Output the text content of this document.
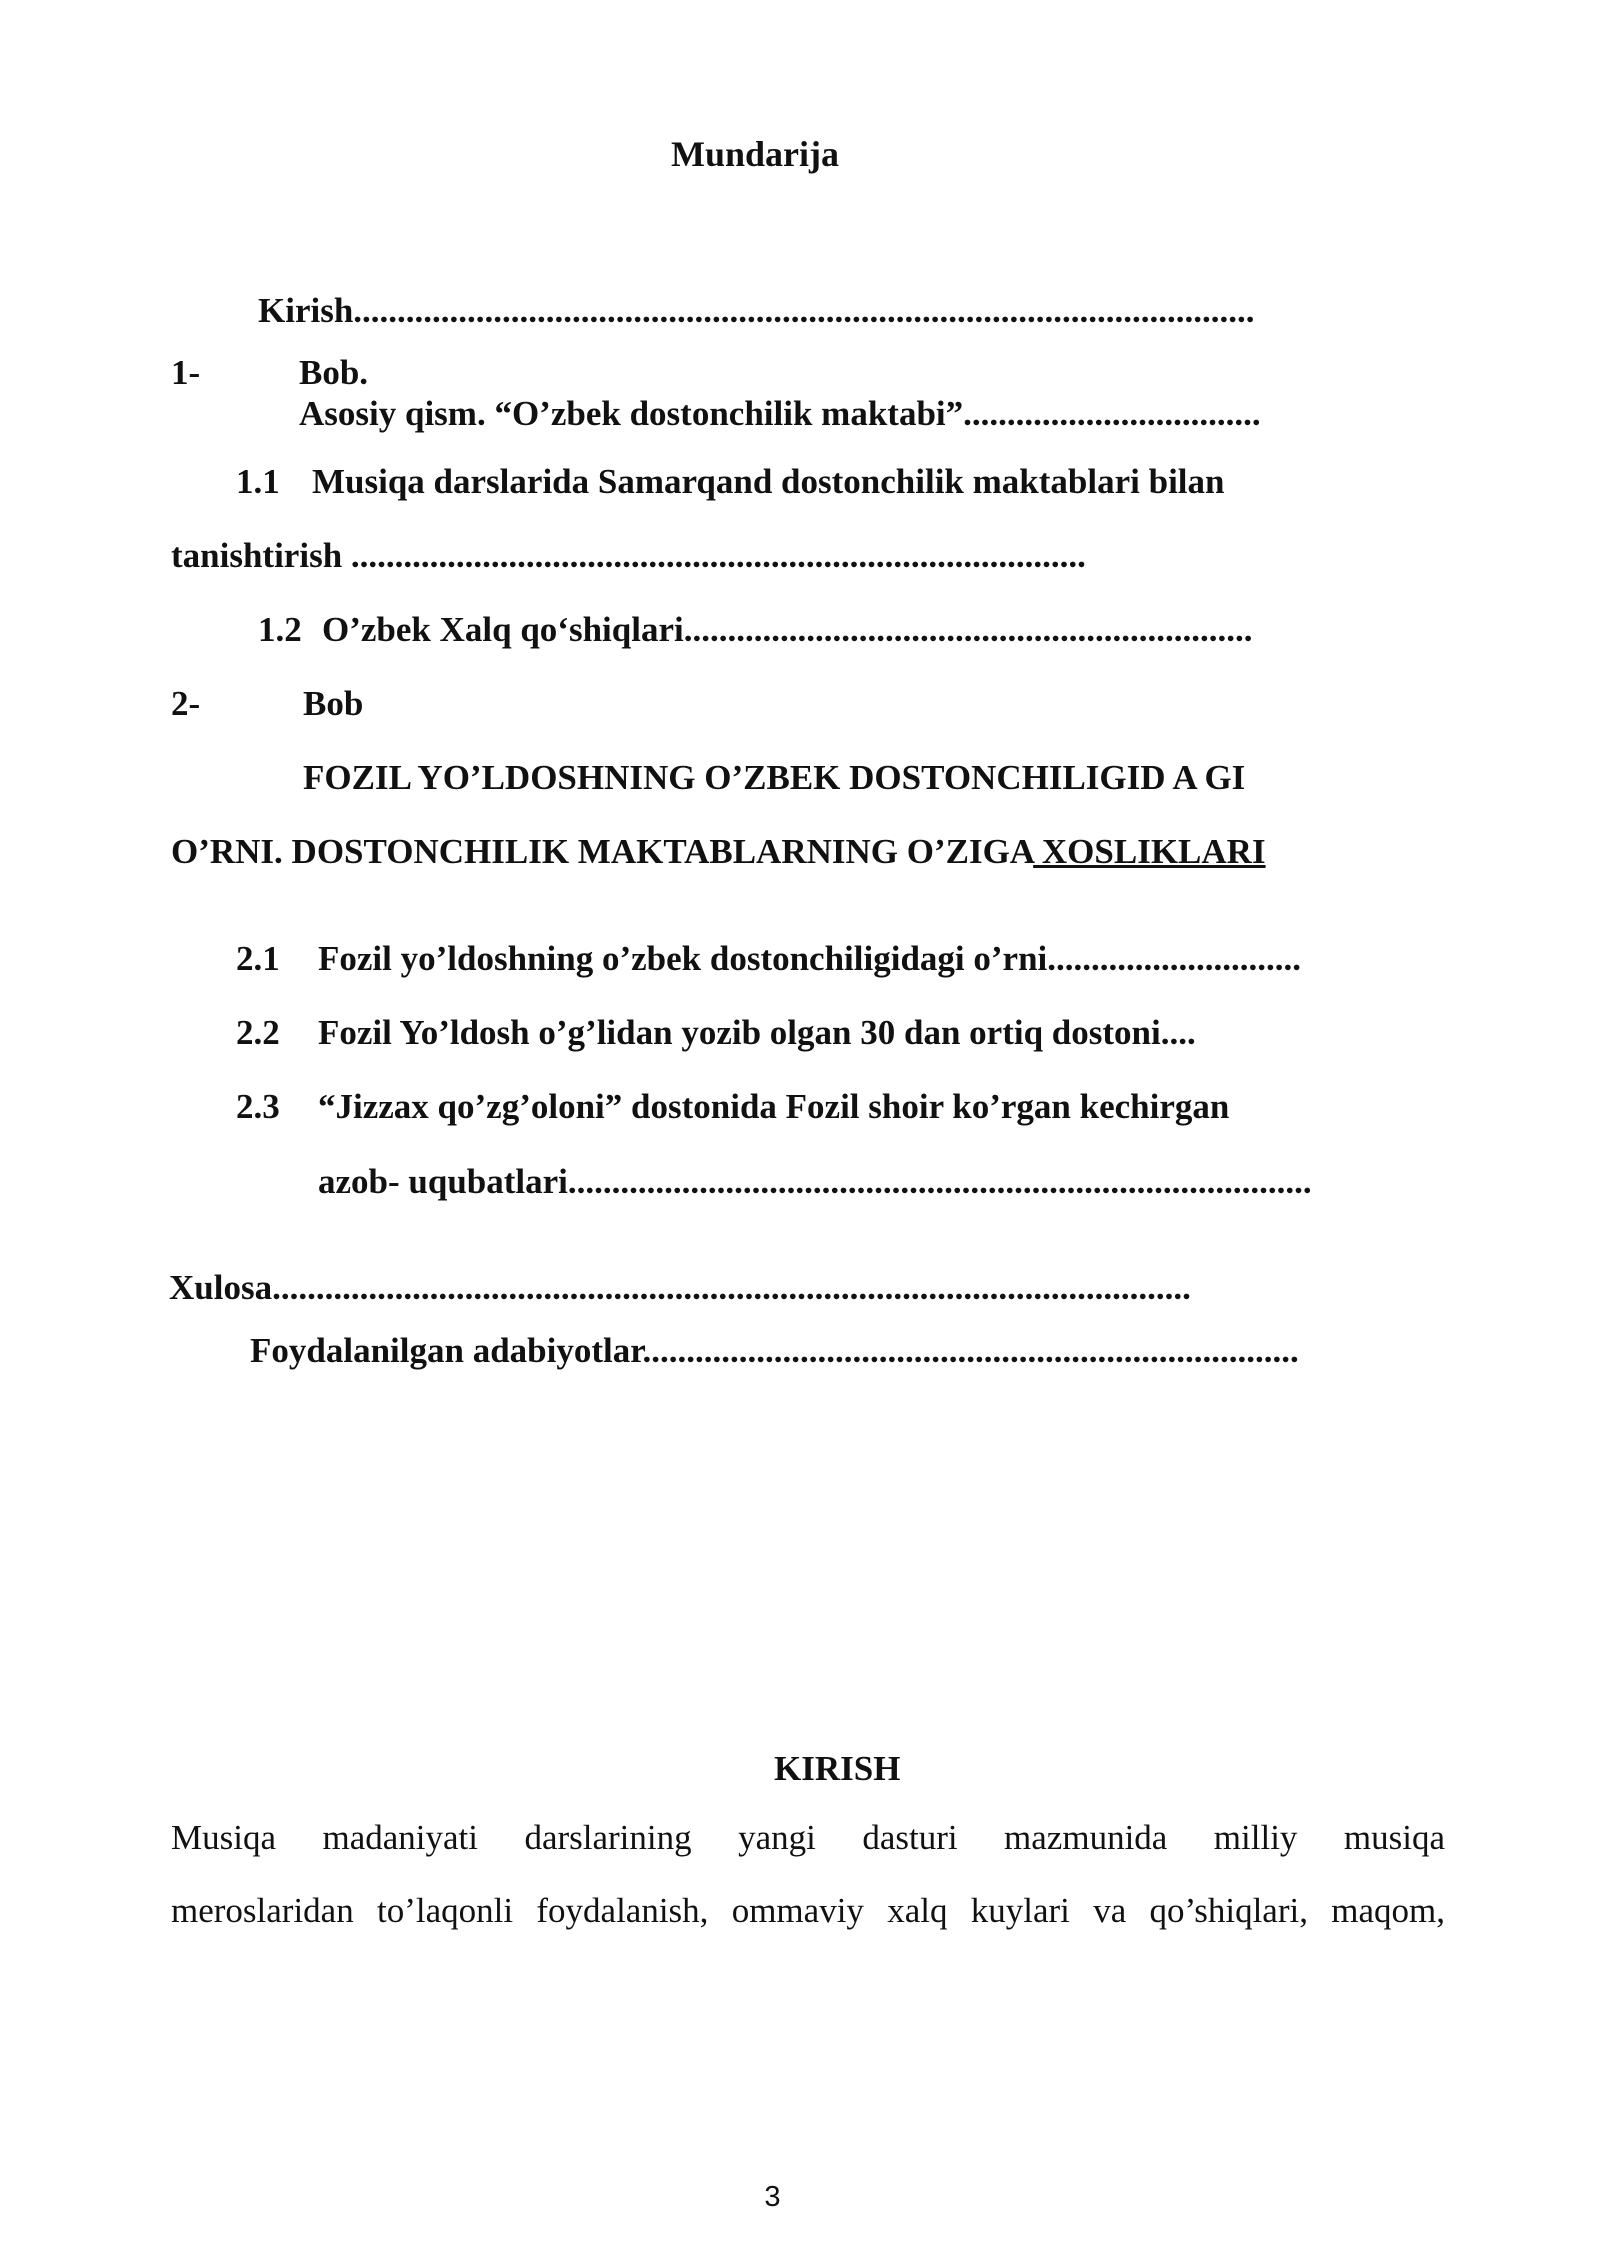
Mundarija
Kirish.......................................................................................................
1-	Bob.
Asosiy qism. “O’zbek dostonchilik maktabi”..................................
1.1 Musiqa darslarida Samarqand dostonchilik maktablari bilan
tanishtirish ....................................................................................
1.2 O’zbek Xalq qo‘shiqlari.................................................................
2-	Bob
FOZIL YO’LDOSHNING O’ZBEK DOSTONCHILIGID A GI
O’RNI. DOSTONCHILIK MAKTABLARNING O’ZIGA XOSLIKLARI
2.1 Fozil yo’ldoshning o’zbek dostonchiligidagi o’rni.............................
2.2 Fozil Yo’ldosh o’g’lidan yozib olgan 30 dan ortiq dostoni....
2.3 “Jizzax qo’zg’oloni” dostonida Fozil shoir ko’rgan kechirgan
azob- uqubatlari.....................................................................................
Xulosa.........................................................................................................
Foydalanilgan adabiyotlar...........................................................................
KIRISH
Musiqa madaniyati darslarining yangi dasturi mazmunida milliy musiqa
meroslaridan to’laqonli foydalanish, ommaviy xalq kuylari va qo’shiqlari, maqom,
3
